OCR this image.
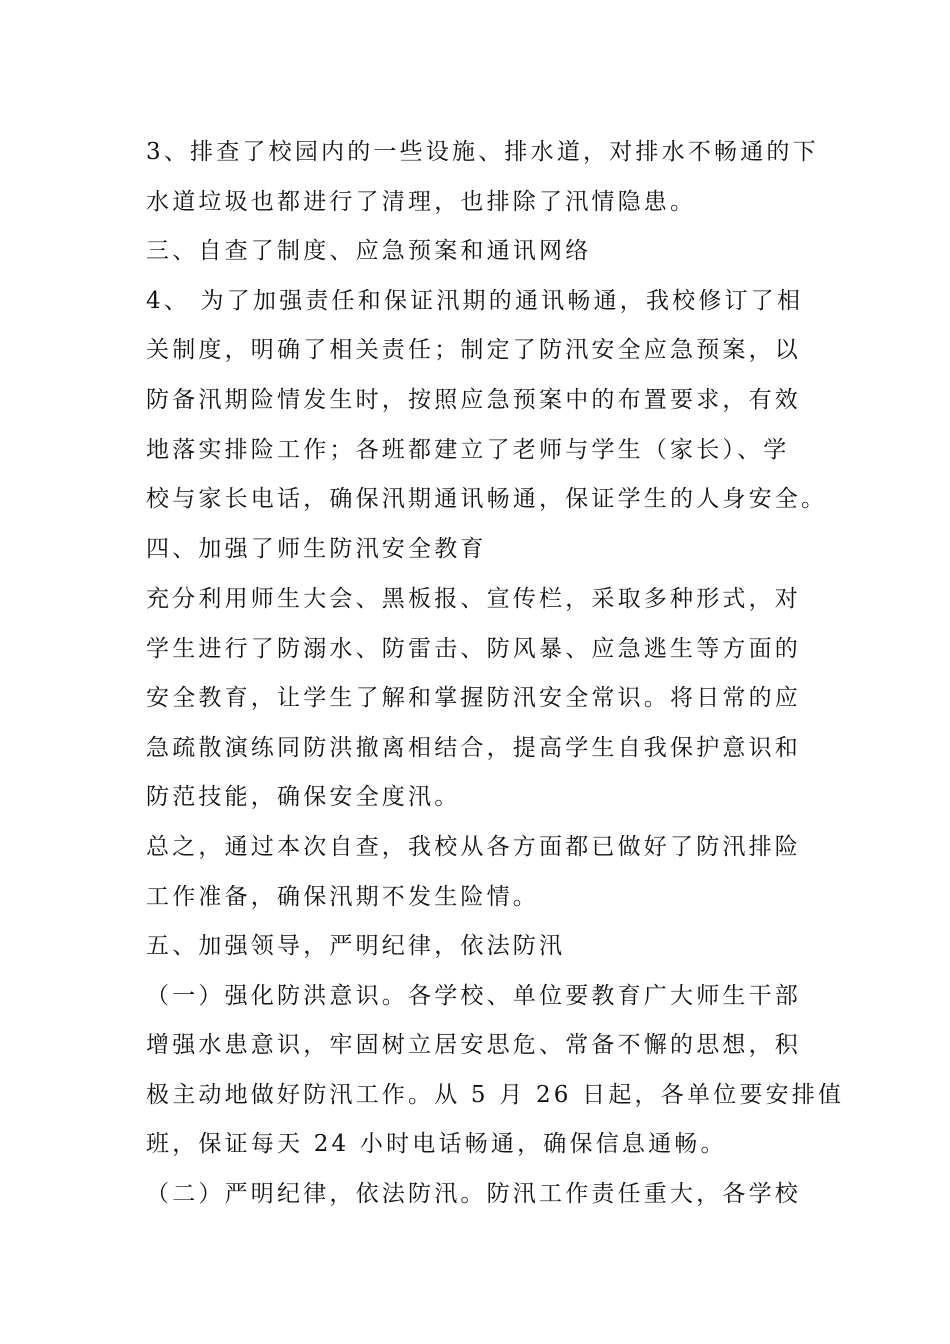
3、排查了校园内的一些设施、排水道，对排水不畅通的下
水道垃圾也都进行了清理，也排除了汛情隐患。
三、自查了制度、应急预案和通讯网络
4、 为了加强责任和保证汛期的通讯畅通，我校修订了相
关制度，明确了相关责任；制定了防汛安全应急预案，以
防备汛期险情发生时，按照应急预案中的布置要求，有效
地落实排险工作；各班都建立了老师与学生（家长）、学
校与家长电话，确保汛期通讯畅通，保证学生的人身安全。
四、加强了师生防汛安全教育
充分利用师生大会、黑板报、宣传栏，采取多种形式，对
学生进行了防溺水、防雷击、防风暴、应急逃生等方面的
安全教育，让学生了解和掌握防汛安全常识。将日常的应
急疏散演练同防洪撤离相结合，提高学生自我保护意识和
防范技能，确保安全度汛。
总之，通过本次自查，我校从各方面都已做好了防汛排险
工作准备，确保汛期不发生险情。
五、加强领导，严明纪律，依法防汛
（一）强化防洪意识。各学校、单位要教育广大师生干部
增强水患意识，牢固树立居安思危、常备不懈的思想，积
极主动地做好防汛工作。从 5 月 26 日起，各单位要安排值
班，保证每天 24 小时电话畅通，确保信息通畅。
（二）严明纪律，依法防汛。防汛工作责任重大，各学校
